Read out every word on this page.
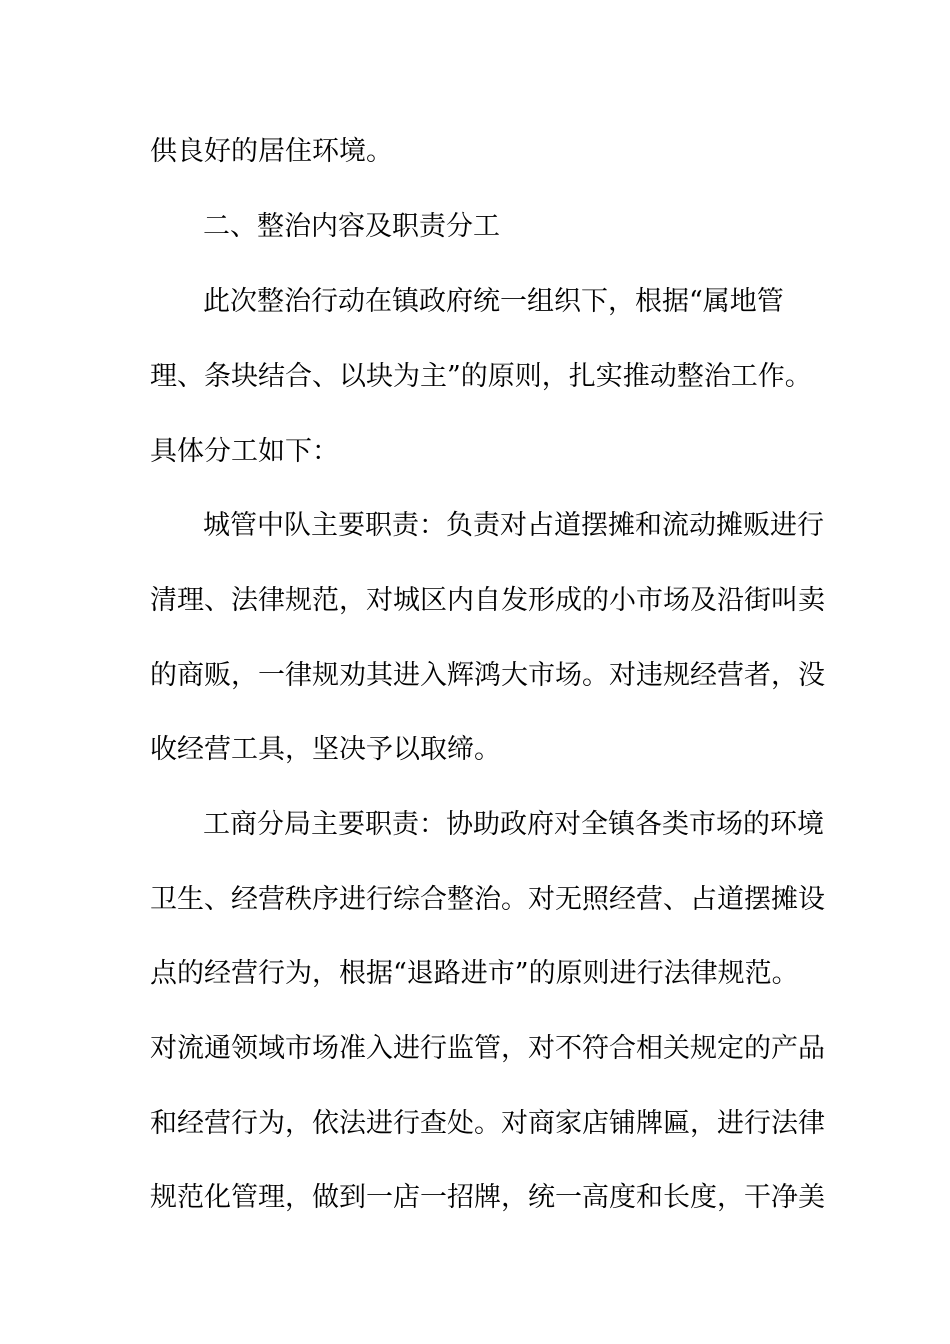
供良好的居住环境。
二、整治内容及职责分工
此次整治行动在镇政府统一组织下，根据“属地管
理、条块结合、以块为主”的原则，扎实推动整治工作。
具体分工如下：
城管中队主要职责：负责对占道摆摊和流动摊贩进行
清理、法律规范，对城区内自发形成的小市场及沿街叫卖
的商贩，一律规劝其进入辉鸿大市场。对违规经营者，没
收经营工具，坚决予以取缔。
工商分局主要职责：协助政府对全镇各类市场的环境
卫生、经营秩序进行综合整治。对无照经营、占道摆摊设
点的经营行为，根据“退路进市”的原则进行法律规范。
对流通领域市场准入进行监管，对不符合相关规定的产品
和经营行为，依法进行查处。对商家店铺牌匾，进行法律
规范化管理，做到一店一招牌，统一高度和长度，干净美
